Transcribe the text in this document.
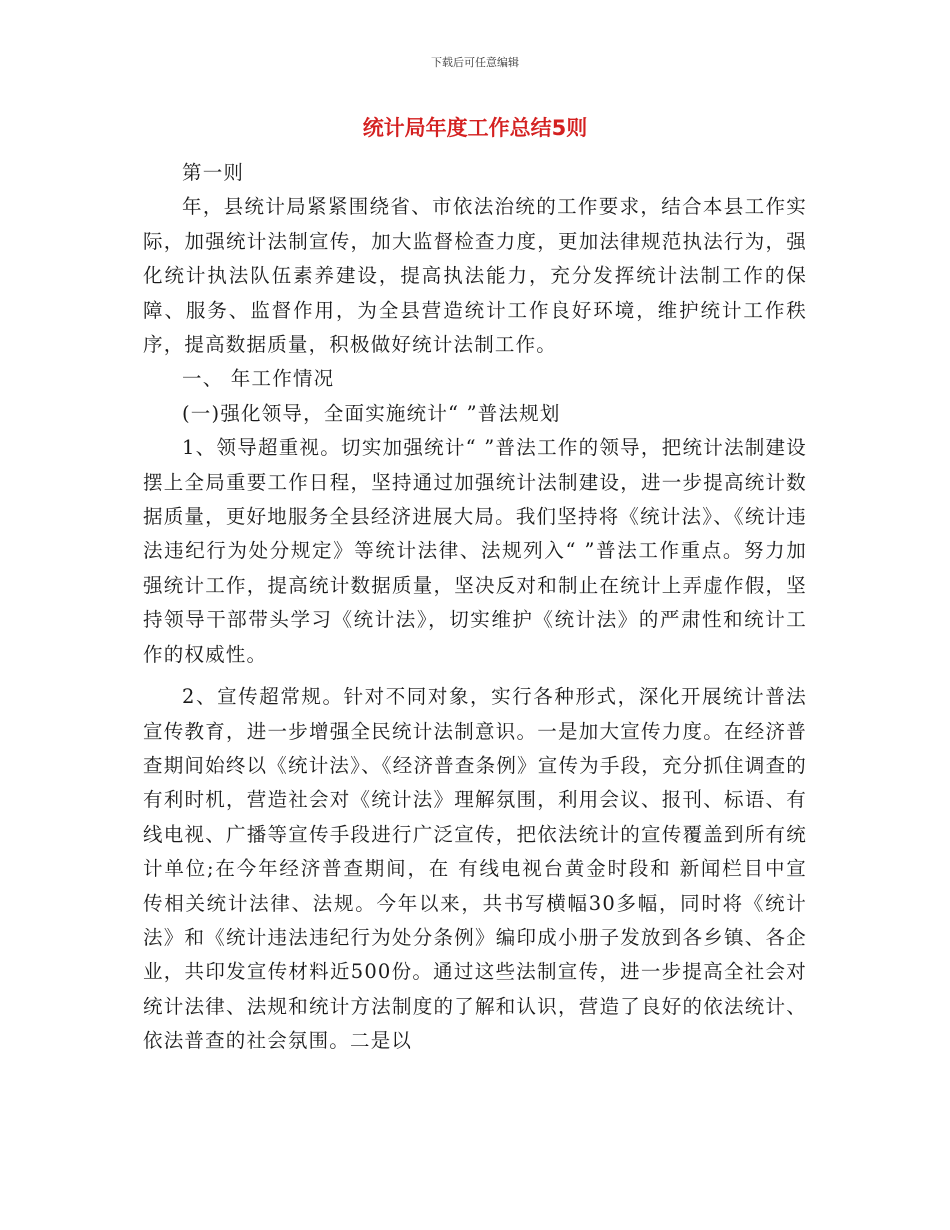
下载后可任意编辑
统计局年度工作总结5则

第一则

年，县统计局紧紧围绕省、市依法治统的工作要求，结合本县工作实际，加强统计法制宣传，加大监督检查力度，更加法律规范执法行为，强化统计执法队伍素养建设，提高执法能力，充分发挥统计法制工作的保障、服务、监督作用，为全县营造统计工作良好环境，维护统计工作秩序，提高数据质量，积极做好统计法制工作。

一、 年工作情况

(一)强化领导，全面实施统计“ ”普法规划

1、领导超重视。切实加强统计“ ”普法工作的领导，把统计法制建设摆上全局重要工作日程，坚持通过加强统计法制建设，进一步提高统计数据质量，更好地服务全县经济进展大局。我们坚持将《统计法》、《统计违法违纪行为处分规定》等统计法律、法规列入“ ”普法工作重点。努力加强统计工作，提高统计数据质量，坚决反对和制止在统计上弄虚作假，坚持领导干部带头学习《统计法》，切实维护《统计法》的严肃性和统计工作的权威性。

2、宣传超常规。针对不同对象，实行各种形式，深化开展统计普法宣传教育，进一步增强全民统计法制意识。一是加大宣传力度。在经济普查期间始终以《统计法》、《经济普查条例》宣传为手段，充分抓住调查的有利时机，营造社会对《统计法》理解氛围，利用会议、报刊、标语、有线电视、广播等宣传手段进行广泛宣传，把依法统计的宣传覆盖到所有统计单位;在今年经济普查期间，在 有线电视台黄金时段和 新闻栏目中宣传相关统计法律、法规。今年以来，共书写横幅30多幅，同时将《统计法》和《统计违法违纪行为处分条例》编印成小册子发放到各乡镇、各企业，共印发宣传材料近500份。通过这些法制宣传，进一步提高全社会对统计法律、法规和统计方法制度的了解和认识，营造了良好的依法统计、依法普查的社会氛围。二是以
